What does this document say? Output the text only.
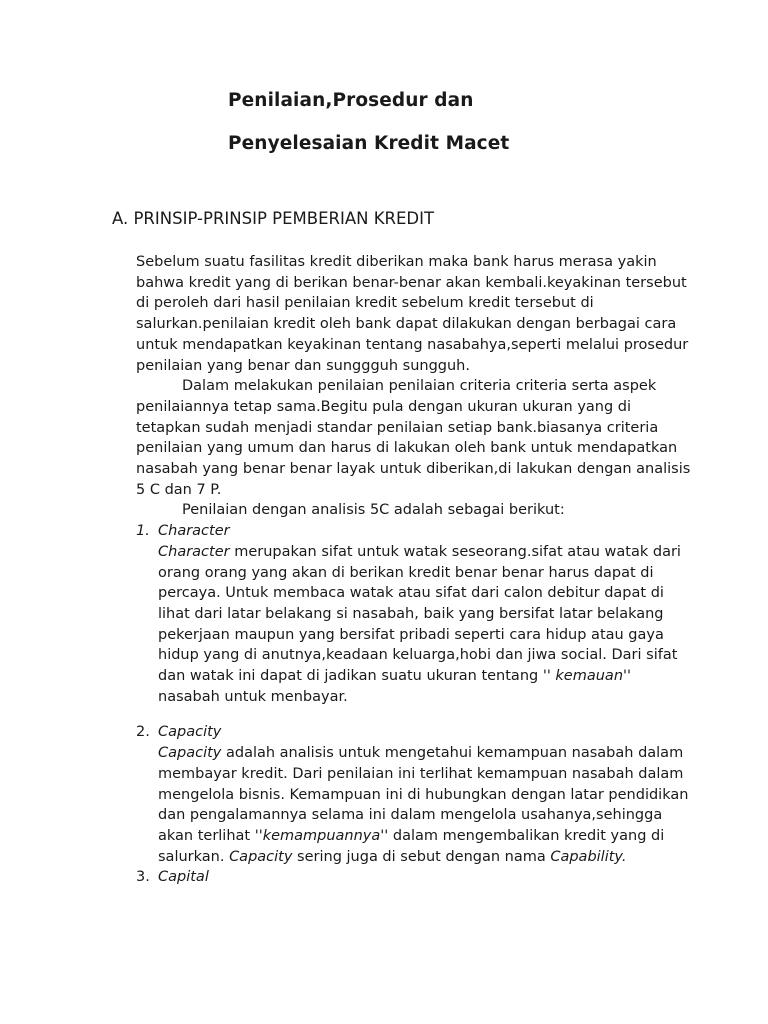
Penilaian,Prosedur dan
Penyelesaian Kredit Macet
A. PRINSIP-PRINSIP PEMBERIAN KREDIT

Sebelum suatu fasilitas kredit diberikan maka bank harus merasa yakin bahwa kredit yang di berikan benar-benar akan kembali.keyakinan tersebut di peroleh dari hasil penilaian kredit sebelum kredit tersebut di salurkan.penilaian kredit oleh bank dapat dilakukan dengan berbagai cara untuk mendapatkan keyakinan tentang nasabahya,seperti melalui prosedur penilaian yang benar dan sunggguh sungguh.

Dalam melakukan penilaian penilaian criteria criteria serta aspek penilaiannya tetap sama.Begitu pula dengan ukuran ukuran yang di tetapkan sudah menjadi standar penilaian setiap bank.biasanya criteria penilaian yang umum dan harus di lakukan oleh bank untuk mendapatkan nasabah yang benar benar layak untuk diberikan,di lakukan dengan analisis 5 C dan 7 P.

Penilaian dengan analisis 5C adalah sebagai berikut:

1. Character

Character merupakan sifat untuk watak seseorang.sifat atau watak dari orang orang yang akan di berikan kredit benar benar harus dapat di percaya. Untuk membaca watak atau sifat dari calon debitur dapat di lihat dari latar belakang si nasabah, baik yang bersifat latar belakang pekerjaan maupun yang bersifat pribadi seperti cara hidup atau gaya hidup yang di anutnya,keadaan keluarga,hobi dan jiwa social. Dari sifat dan watak ini dapat di jadikan suatu ukuran tentang '' kemauan'' nasabah untuk menbayar.

2. Capacity

Capacity adalah analisis untuk mengetahui kemampuan nasabah dalam membayar kredit. Dari penilaian ini terlihat kemampuan nasabah dalam mengelola bisnis. Kemampuan ini di hubungkan dengan latar pendidikan dan pengalamannya selama ini dalam mengelola usahanya,sehingga akan terlihat ''kemampuannya'' dalam mengembalikan kredit yang di salurkan. Capacity sering juga di sebut dengan nama Capability.

3. Capital
